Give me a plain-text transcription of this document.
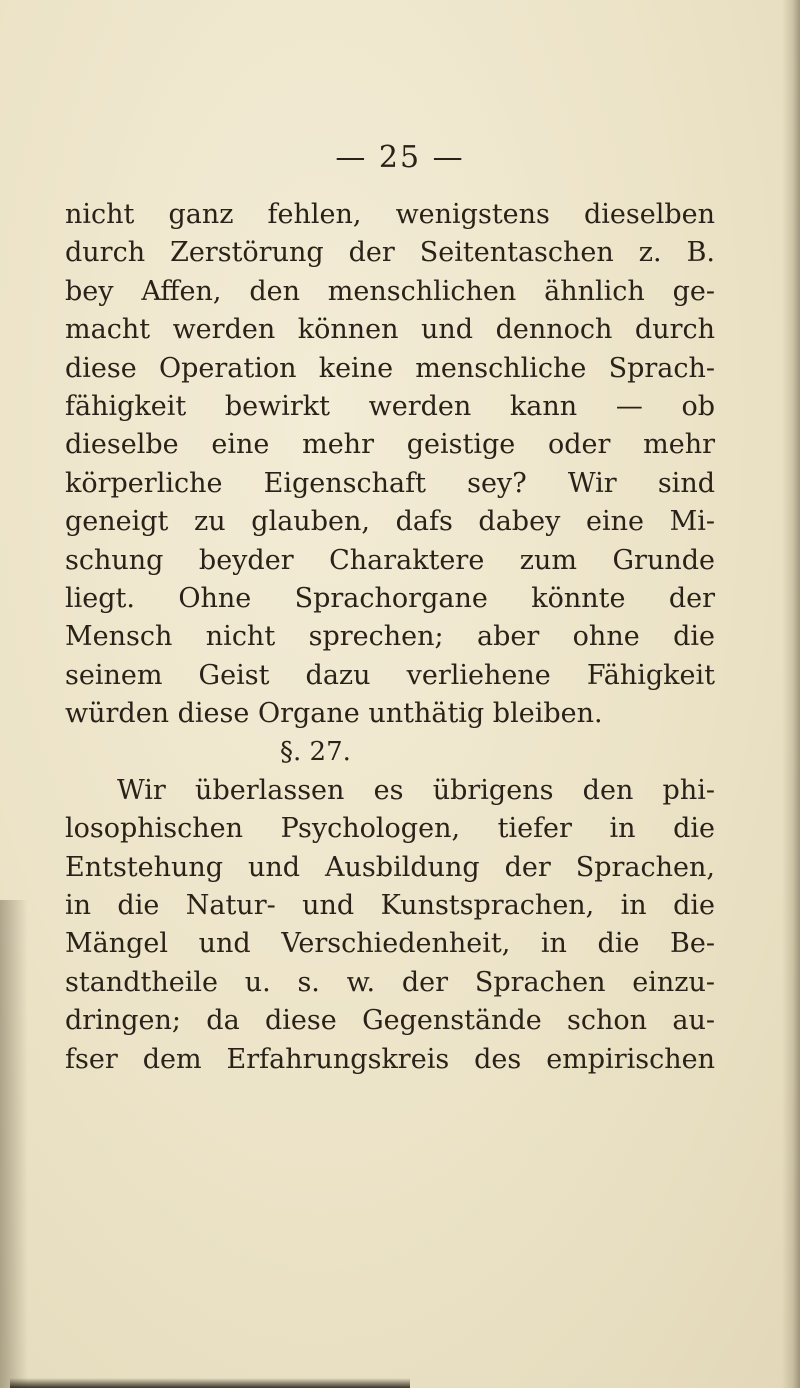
— 25 —
nicht ganz fehlen, wenigstens dieselben
durch Zerstörung der Seitentaschen z. B.
bey Affen, den menschlichen ähnlich ge-
macht werden können und dennoch durch
diese Operation keine menschliche Sprach-
fähigkeit bewirkt werden kann — ob
dieselbe eine mehr geistige oder mehr
körperliche Eigenschaft sey? Wir sind
geneigt zu glauben, dafs dabey eine Mi-
schung beyder Charaktere zum Grunde
liegt. Ohne Sprachorgane könnte der
Mensch nicht sprechen; aber ohne die
seinem Geist dazu verliehene Fähigkeit
würden diese Organe unthätig bleiben.
§. 27.
Wir überlassen es übrigens den phi-
losophischen Psychologen, tiefer in die
Entstehung und Ausbildung der Sprachen,
in die Natur- und Kunstsprachen, in die
Mängel und Verschiedenheit, in die Be-
standtheile u. s. w. der Sprachen einzu-
dringen; da diese Gegenstände schon au-
fser dem Erfahrungskreis des empirischen
